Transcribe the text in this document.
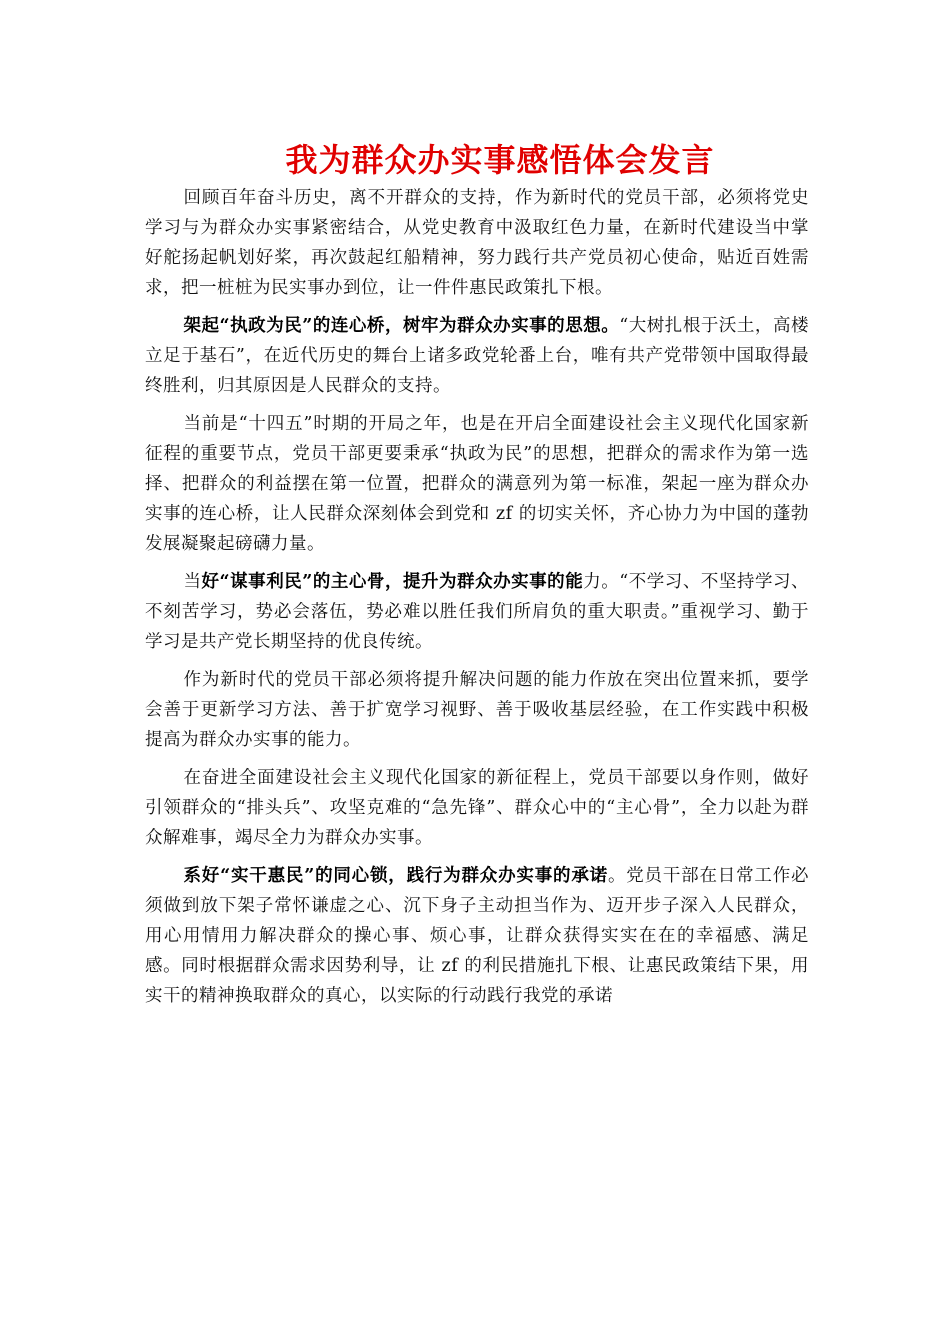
我为群众办实事感悟体会发言

回顾百年奋斗历史，离不开群众的支持，作为新时代的党员干部，必须将党史学习与为群众办实事紧密结合，从党史教育中汲取红色力量，在新时代建设当中掌好舵扬起帆划好桨，再次鼓起红船精神，努力践行共产党员初心使命，贴近百姓需求，把一桩桩为民实事办到位，让一件件惠民政策扎下根。

架起“执政为民”的连心桥，树牢为群众办实事的思想。“大树扎根于沃土，高楼立足于基石”，在近代历史的舞台上诸多政党轮番上台，唯有共产党带领中国取得最终胜利，归其原因是人民群众的支持。

当前是“十四五”时期的开局之年，也是在开启全面建设社会主义现代化国家新征程的重要节点，党员干部更要秉承“执政为民”的思想，把群众的需求作为第一选择、把群众的利益摆在第一位置，把群众的满意列为第一标准，架起一座为群众办实事的连心桥，让人民群众深刻体会到党和 zf 的切实关怀，齐心协力为中国的蓬勃发展凝聚起磅礴力量。

当好“谋事利民”的主心骨，提升为群众办实事的能力。“不学习、不坚持学习、不刻苦学习，势必会落伍，势必难以胜任我们所肩负的重大职责。”重视学习、勤于学习是共产党长期坚持的优良传统。

作为新时代的党员干部必须将提升解决问题的能力作放在突出位置来抓，要学会善于更新学习方法、善于扩宽学习视野、善于吸收基层经验，在工作实践中积极提高为群众办实事的能力。

在奋进全面建设社会主义现代化国家的新征程上，党员干部要以身作则，做好引领群众的“排头兵”、攻坚克难的“急先锋”、群众心中的“主心骨”，全力以赴为群众解难事，竭尽全力为群众办实事。

系好“实干惠民”的同心锁，践行为群众办实事的承诺。党员干部在日常工作必须做到放下架子常怀谦虚之心、沉下身子主动担当作为、迈开步子深入人民群众，用心用情用力解决群众的操心事、烦心事，让群众获得实实在在的幸福感、满足感。同时根据群众需求因势利导，让 zf 的利民措施扎下根、让惠民政策结下果，用实干的精神换取群众的真心，以实际的行动践行我党的承诺
